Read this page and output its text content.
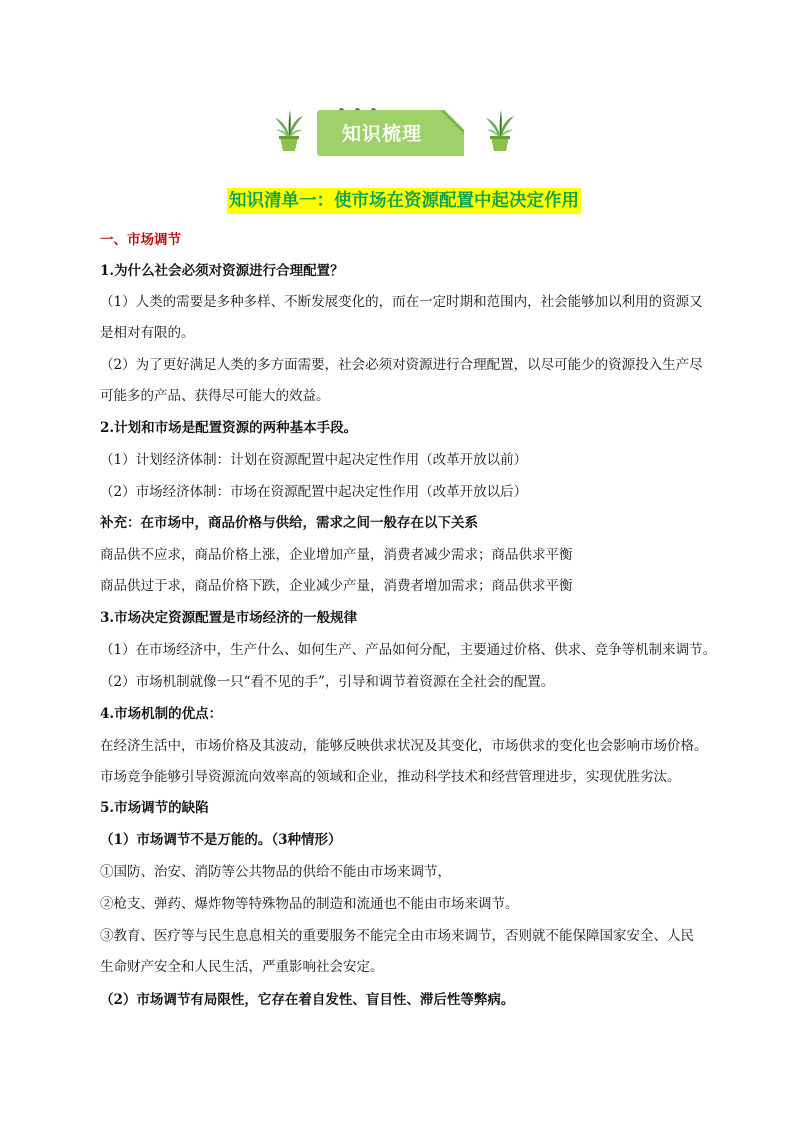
知识梳理
知识清单一：使市场在资源配置中起决定作用
一、市场调节
1.为什么社会必须对资源进行合理配置？
（1）人类的需要是多种多样、不断发展变化的，而在一定时期和范围内，社会能够加以利用的资源又
是相对有限的。
（2）为了更好满足人类的多方面需要，社会必须对资源进行合理配置，以尽可能少的资源投入生产尽
可能多的产品、获得尽可能大的效益。
2.计划和市场是配置资源的两种基本手段。
（1）计划经济体制：计划在资源配置中起决定性作用（改革开放以前）
（2）市场经济体制：市场在资源配置中起决定性作用（改革开放以后）
补充：在市场中，商品价格与供给，需求之间一般存在以下关系
商品供不应求，商品价格上涨，企业增加产量，消费者减少需求；商品供求平衡
商品供过于求，商品价格下跌，企业减少产量，消费者增加需求；商品供求平衡
3.市场决定资源配置是市场经济的一般规律
（1）在市场经济中，生产什么、如何生产、产品如何分配，主要通过价格、供求、竞争等机制来调节。
（2）市场机制就像一只“看不见的手”，引导和调节着资源在全社会的配置。
4.市场机制的优点：
在经济生活中，市场价格及其波动，能够反映供求状况及其变化，市场供求的变化也会影响市场价格。
市场竞争能够引导资源流向效率高的领域和企业，推动科学技术和经营管理进步，实现优胜劣汰。
5.市场调节的缺陷
（1）市场调节不是万能的。（3种情形）
①国防、治安、消防等公共物品的供给不能由市场来调节，
②枪支、弹药、爆炸物等特殊物品的制造和流通也不能由市场来调节。
③教育、医疗等与民生息息相关的重要服务不能完全由市场来调节，否则就不能保障国家安全、人民
生命财产安全和人民生活，严重影响社会安定。
（2）市场调节有局限性，它存在着自发性、盲目性、滞后性等弊病。
